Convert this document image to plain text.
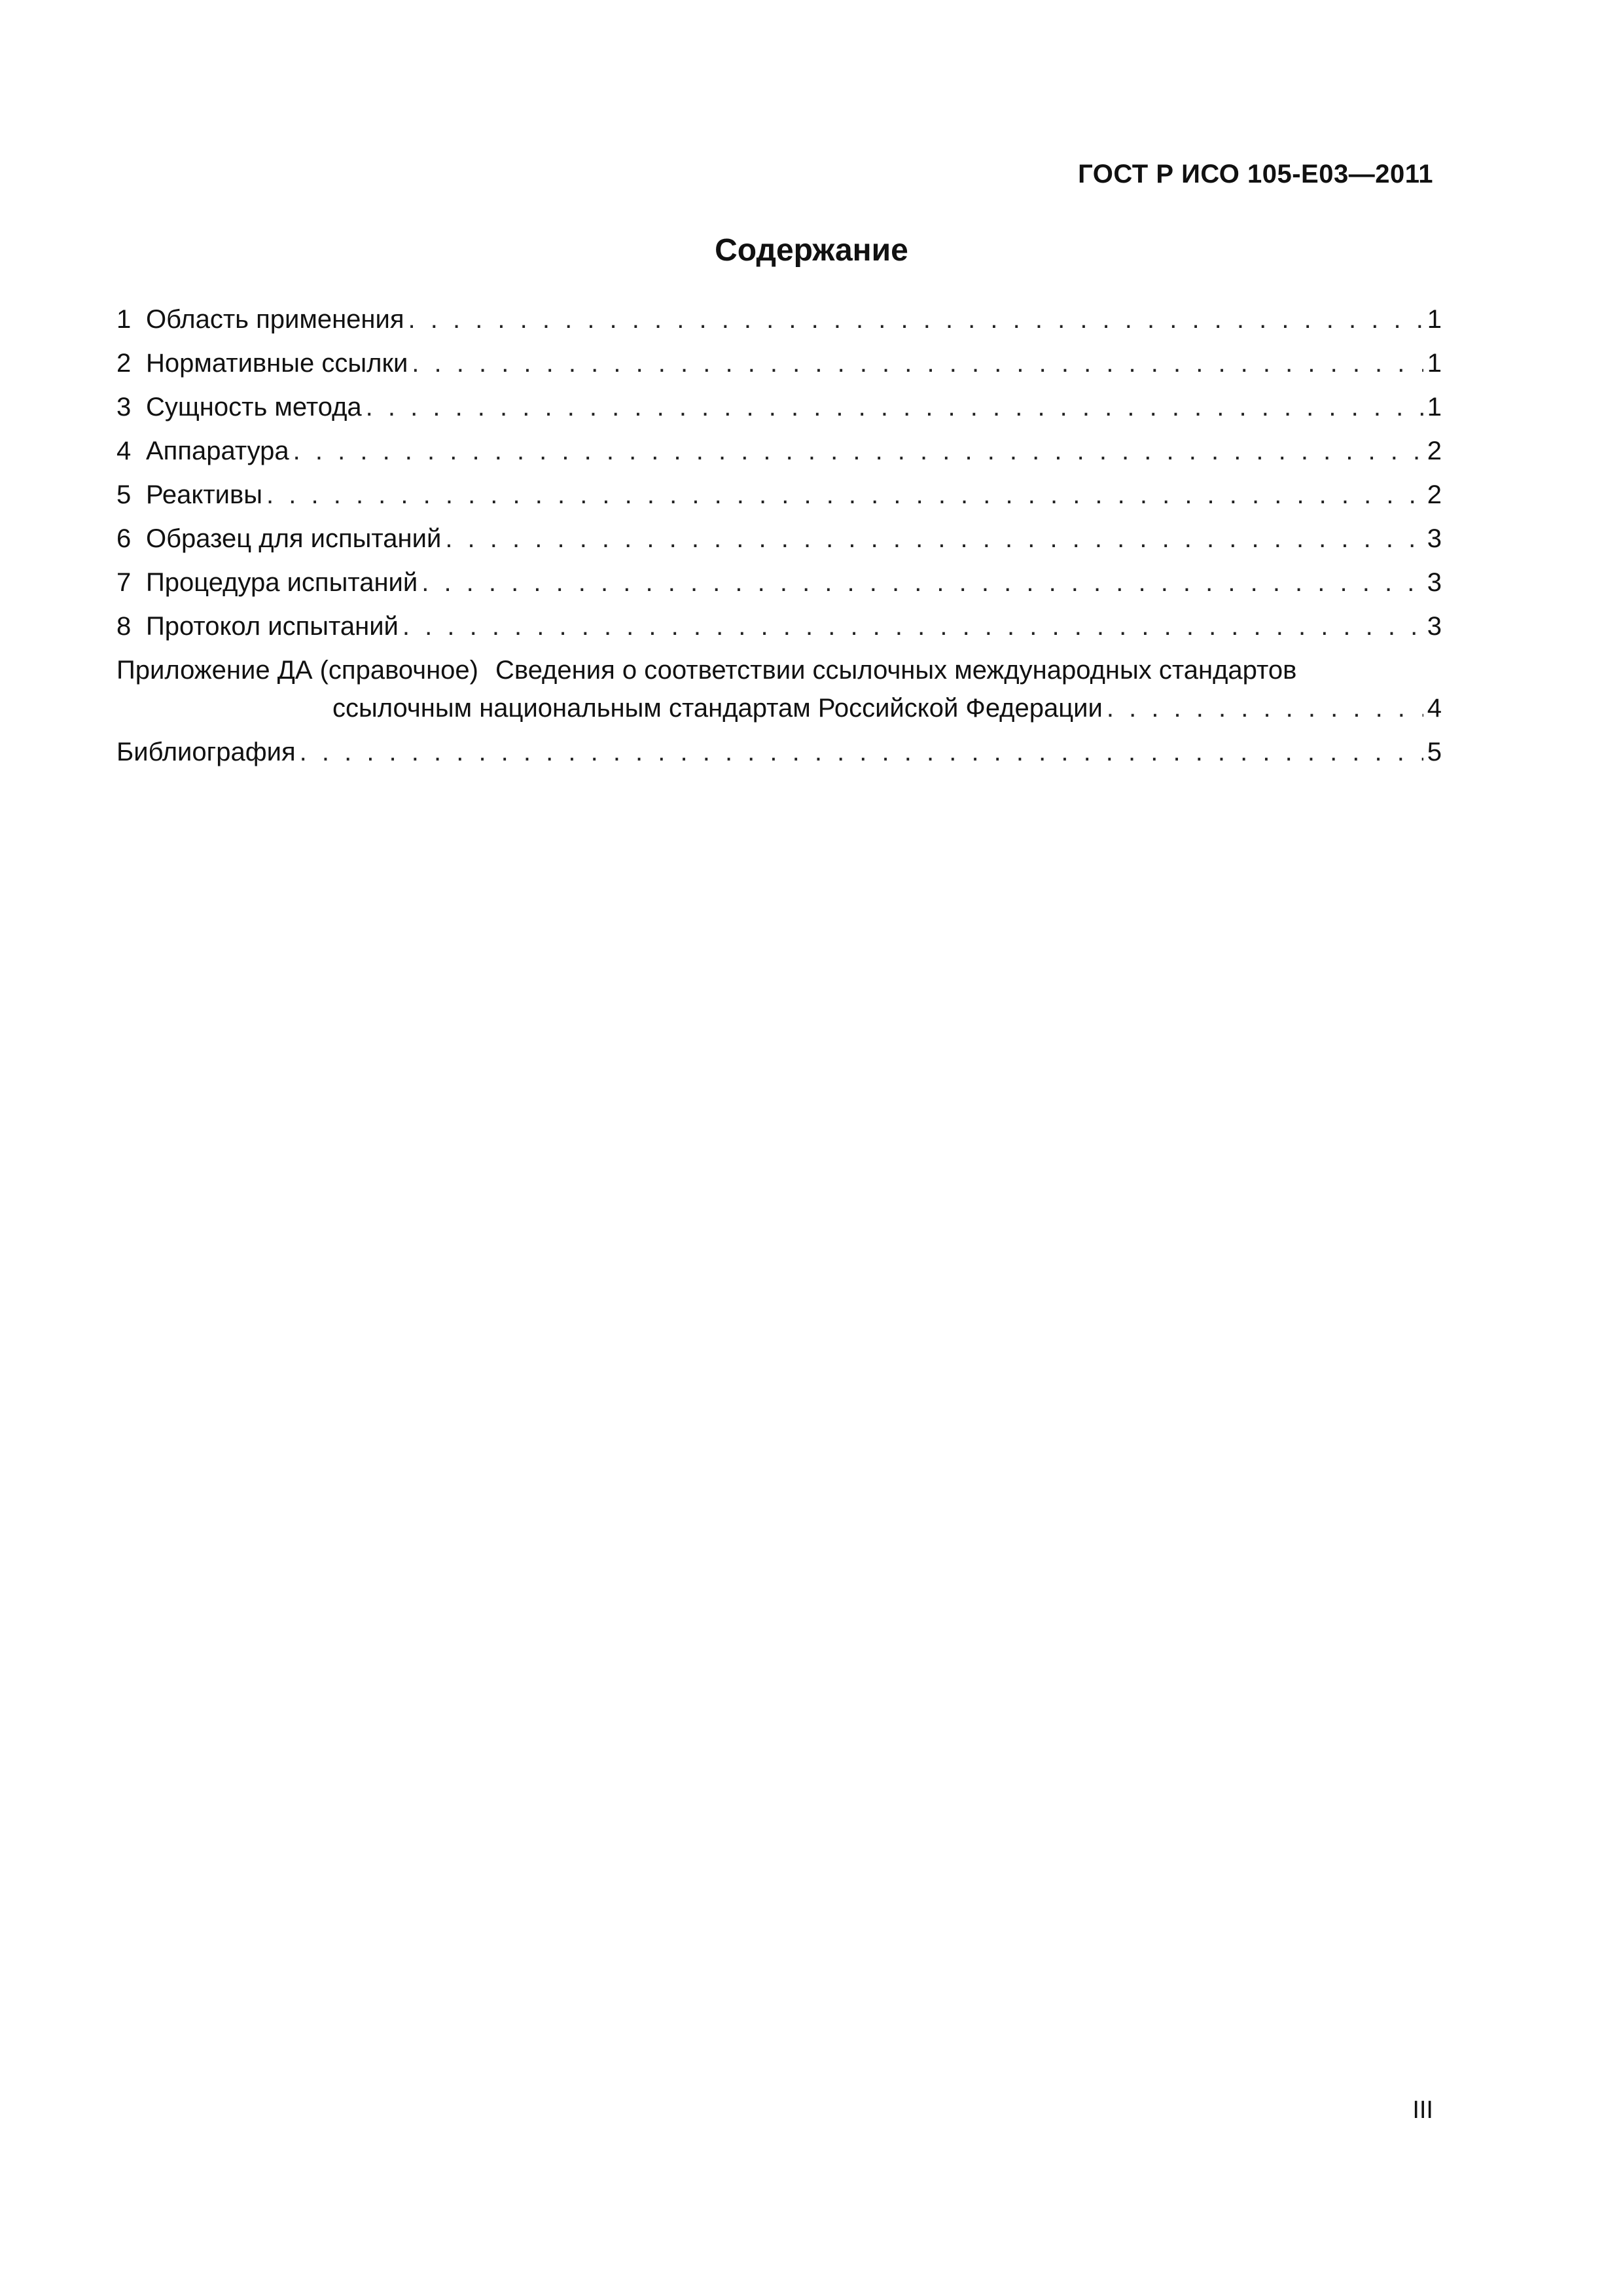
ГОСТ Р ИСО 105-Е03—2011
Содержание
1 Область применения . . .	1
2 Нормативные ссылки . . .	1
3 Сущность метода . . .	1
4 Аппаратура . . .	2
5 Реактивы . . .	2
6 Образец для испытаний . . .	3
7 Процедура испытаний . . .	3
8 Протокол испытаний . . .	3
Приложение ДА (справочное) Сведения о соответствии ссылочных международных стандартов
ссылочным национальным стандартам Российской Федерации . . .	4
Библиография . . .	5
III
